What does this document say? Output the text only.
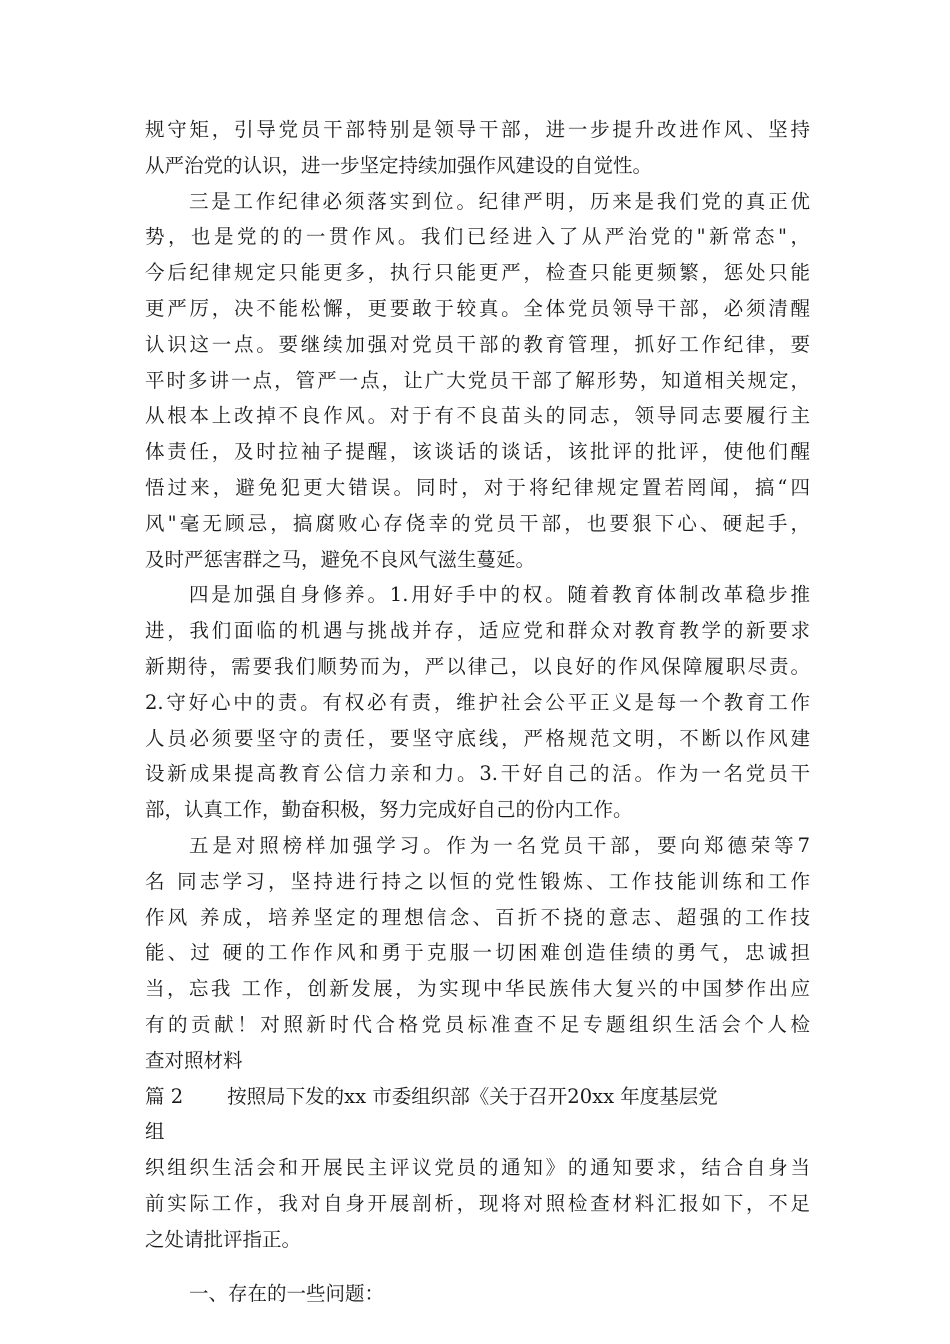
规守矩，引导党员干部特别是领导干部，进一步提升改进作风、坚持
从严治党的认识，进一步坚定持续加强作风建设的自觉性。
三是工作纪律必须落实到位。纪律严明，历来是我们党的真正优
势，也是党的的一贯作风。我们已经进入了从严治党的"新常态"，
今后纪律规定只能更多，执行只能更严，检查只能更频繁，惩处只能
更严厉，决不能松懈，更要敢于较真。全体党员领导干部，必须清醒
认识这一点。要继续加强对党员干部的教育管理，抓好工作纪律，要
平时多讲一点，管严一点，让广大党员干部了解形势，知道相关规定，
从根本上改掉不良作风。对于有不良苗头的同志，领导同志要履行主
体责任，及时拉袖子提醒，该谈话的谈话，该批评的批评，使他们醒
悟过来，避免犯更大错误。同时，对于将纪律规定置若罔闻，搞“四
风"毫无顾忌，搞腐败心存侥幸的党员干部，也要狠下心、硬起手，
及时严惩害群之马，避免不良风气滋生蔓延。
四是加强自身修养。1.用好手中的权。随着教育体制改革稳步推
进，我们面临的机遇与挑战并存，适应党和群众对教育教学的新要求
新期待，需要我们顺势而为，严以律己，以良好的作风保障履职尽责。
2.守好心中的责。有权必有责，维护社会公平正义是每一个教育工作
人员必须要坚守的责任，要坚守底线，严格规范文明，不断以作风建
设新成果提高教育公信力亲和力。3.干好自己的活。作为一名党员干
部，认真工作，勤奋积极，努力完成好自己的份内工作。
五是对照榜样加强学习。作为一名党员干部，要向郑德荣等7
名 同志学习，坚持进行持之以恒的党性锻炼、工作技能训练和工作
作风 养成，培养坚定的理想信念、百折不挠的意志、超强的工作技
能、过 硬的工作作风和勇于克服一切困难创造佳绩的勇气，忠诚担
当，忘我 工作，创新发展，为实现中华民族伟大复兴的中国梦作出应
有的贡献！对照新时代合格党员标准查不足专题组织生活会个人检
查对照材料
篇 2 按照局下发的xx 市委组织部《关于召开20xx 年度基层党
组
织组织生活会和开展民主评议党员的通知》的通知要求，结合自身当
前实际工作，我对自身开展剖析，现将对照检查材料汇报如下，不足
之处请批评指正。
一、存在的一些问题：
